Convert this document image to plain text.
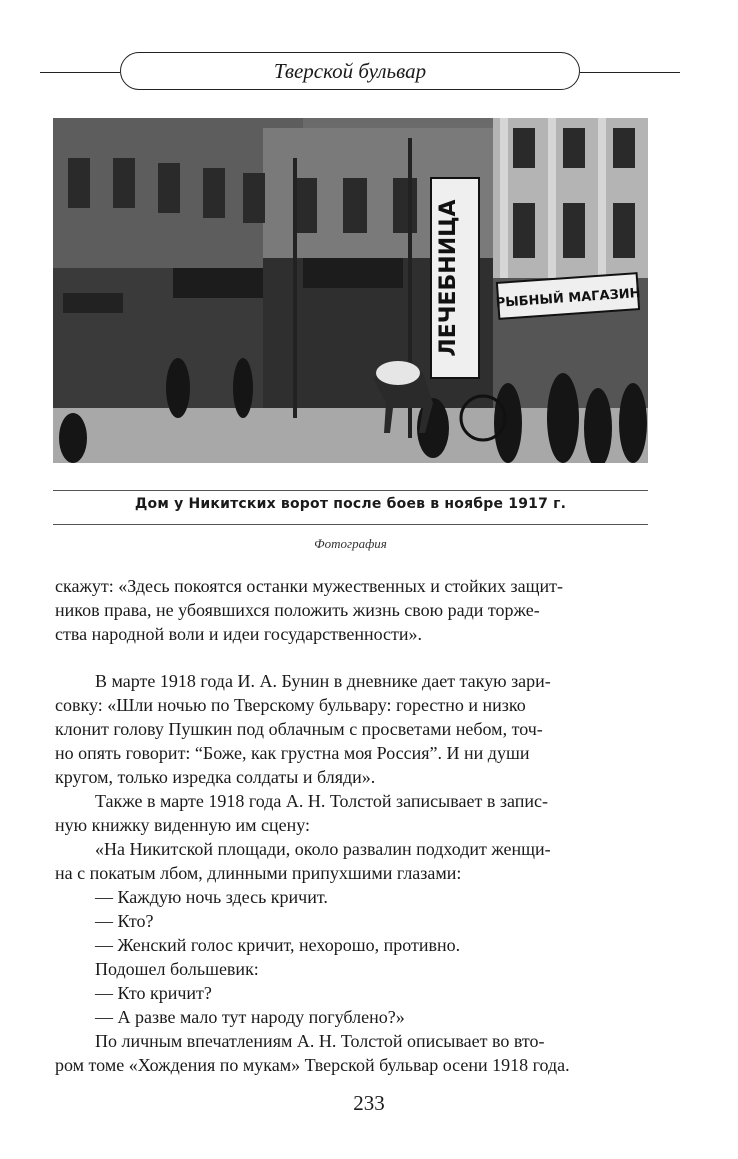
Тверской бульвар
ЛЕЧЕБНИЦА	РЫБНЫЙ МАГАЗИН
Дом у Никитских ворот после боев в ноябре 1917 г.
Фотография

скажут: «Здесь покоятся останки мужественных и стойких защит-
ников права, не убоявшихся положить жизнь свою ради торже-
ства народной воли и идеи государственности».

В марте 1918 года И. А. Бунин в дневнике дает такую зари-
совку: «Шли ночью по Тверскому бульвару: горестно и низко
клонит голову Пушкин под облачным с просветами небом, точ-
но опять говорит: “Боже, как грустна моя Россия”. И ни души
кругом, только изредка солдаты и бляди».

Также в марте 1918 года А. Н. Толстой записывает в запис-
ную книжку виденную им сцену:
«На Никитской площади, около развалин подходит женщи-
на с покатым лбом, длинными припухшими глазами:
— Каждую ночь здесь кричит.
— Кто?
— Женский голос кричит, нехорошо, противно.
Подошел большевик:
— Кто кричит?
— А разве мало тут народу погублено?»
По личным впечатлениям А. Н. Толстой описывает во вто-
ром томе «Хождения по мукам» Тверской бульвар осени 1918 года.

233
